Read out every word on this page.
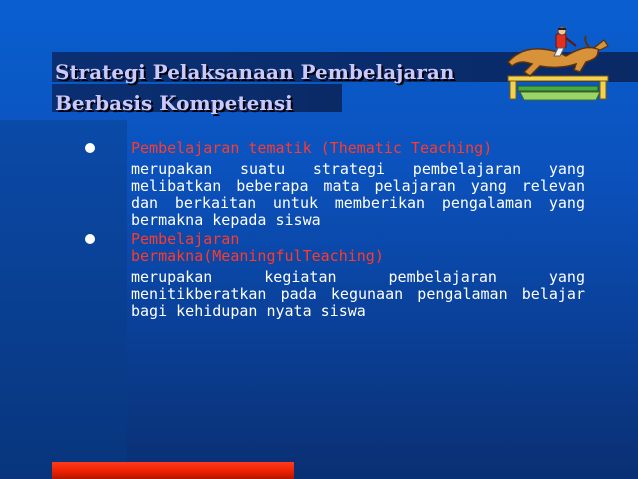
Strategi Pelaksanaan Pembelajaran
Berbasis Kompetensi
Pembelajaran tematik (Thematic Teaching)
merupakan suatu strategi pembelajaran yang melibatkan beberapa mata pelajaran yang relevan dan berkaitan untuk memberikan pengalaman yang bermakna kepada siswa
Pembelajaran
bermakna(MeaningfulTeaching)
merupakan kegiatan pembelajaran yang menitikberatkan pada kegunaan pengalaman belajar bagi kehidupan nyata siswa
